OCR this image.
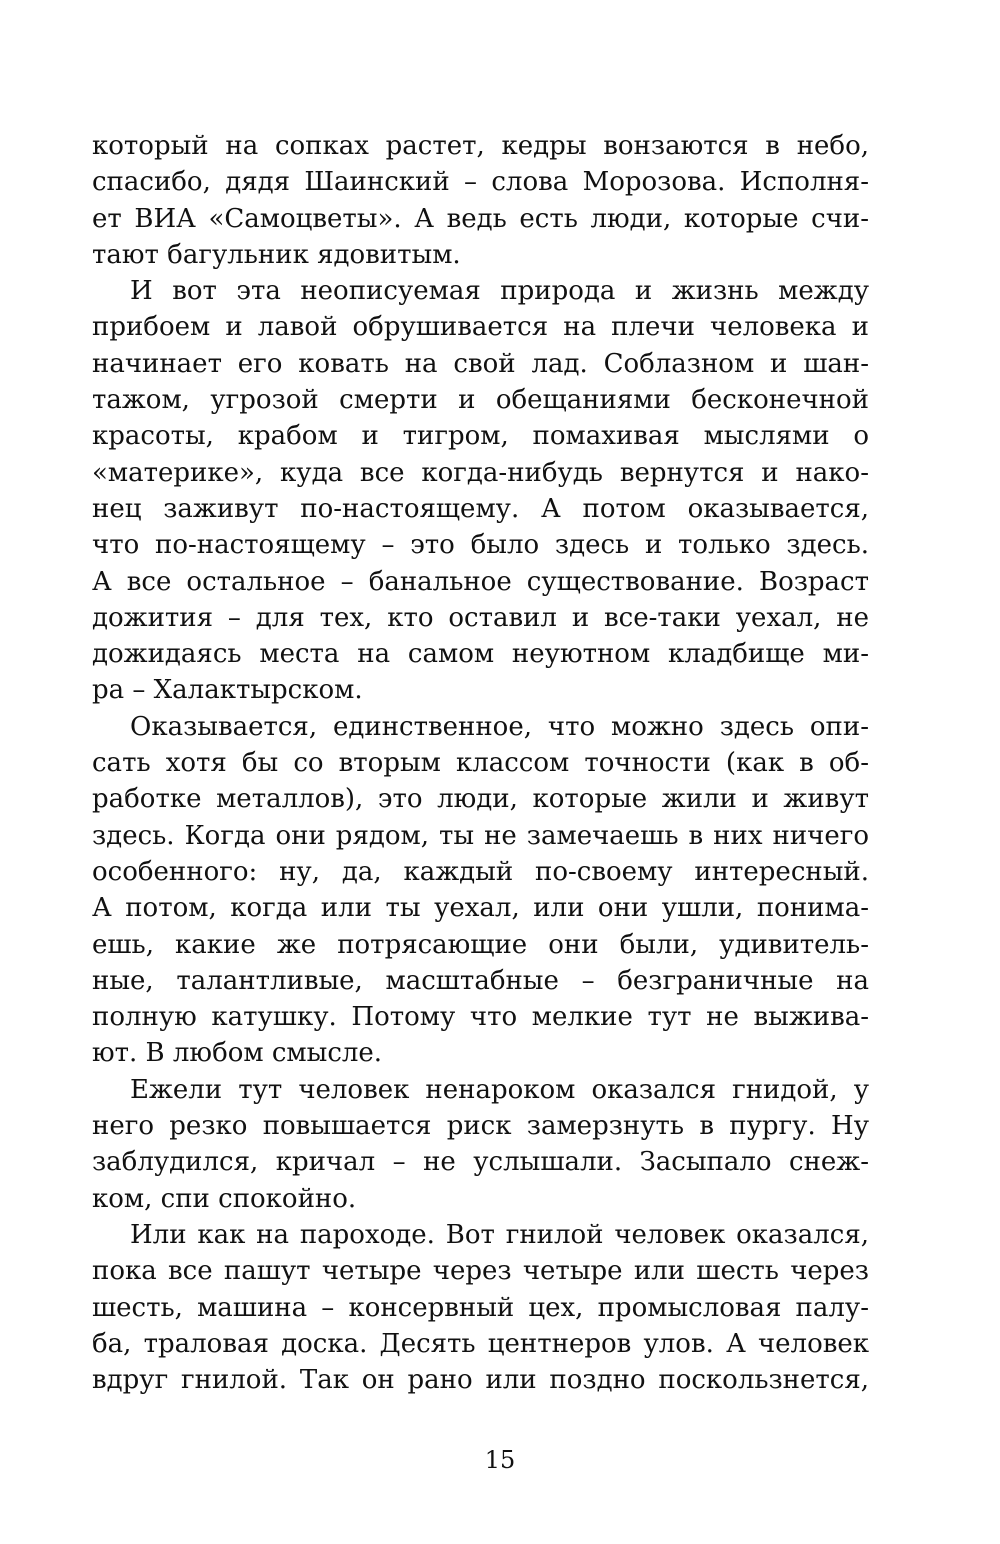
который на сопках растет, кедры вонзаются в небо,
спасибо, дядя Шаинский – слова Морозова. Исполня-
ет ВИА «Самоцветы». А ведь есть люди, которые счи-
тают багульник ядовитым.
И вот эта неописуемая природа и жизнь между
прибоем и лавой обрушивается на плечи человека и
начинает его ковать на свой лад. Соблазном и шан-
тажом, угрозой смерти и обещаниями бесконечной
красоты, крабом и тигром, помахивая мыслями о
«материке», куда все когда-нибудь вернутся и нако-
нец заживут по-настоящему. А потом оказывается,
что по-настоящему – это было здесь и только здесь.
А все остальное – банальное существование. Возраст
дожития – для тех, кто оставил и все-таки уехал, не
дожидаясь места на самом неуютном кладбище ми-
ра – Халактырском.
Оказывается, единственное, что можно здесь опи-
сать хотя бы со вторым классом точности (как в об-
работке металлов), это люди, которые жили и живут
здесь. Когда они рядом, ты не замечаешь в них ничего
особенного: ну, да, каждый по-своему интересный.
А потом, когда или ты уехал, или они ушли, понима-
ешь, какие же потрясающие они были, удивитель-
ные, талантливые, масштабные – безграничные на
полную катушку. Потому что мелкие тут не выжива-
ют. В любом смысле.
Ежели тут человек ненароком оказался гнидой, у
него резко повышается риск замерзнуть в пургу. Ну
заблудился, кричал – не услышали. Засыпало снеж-
ком, спи спокойно.
Или как на пароходе. Вот гнилой человек оказался,
пока все пашут четыре через четыре или шесть через
шесть, машина – консервный цех, промысловая палу-
ба, траловая доска. Десять центнеров улов. А человек
вдруг гнилой. Так он рано или поздно поскользнется,
15
